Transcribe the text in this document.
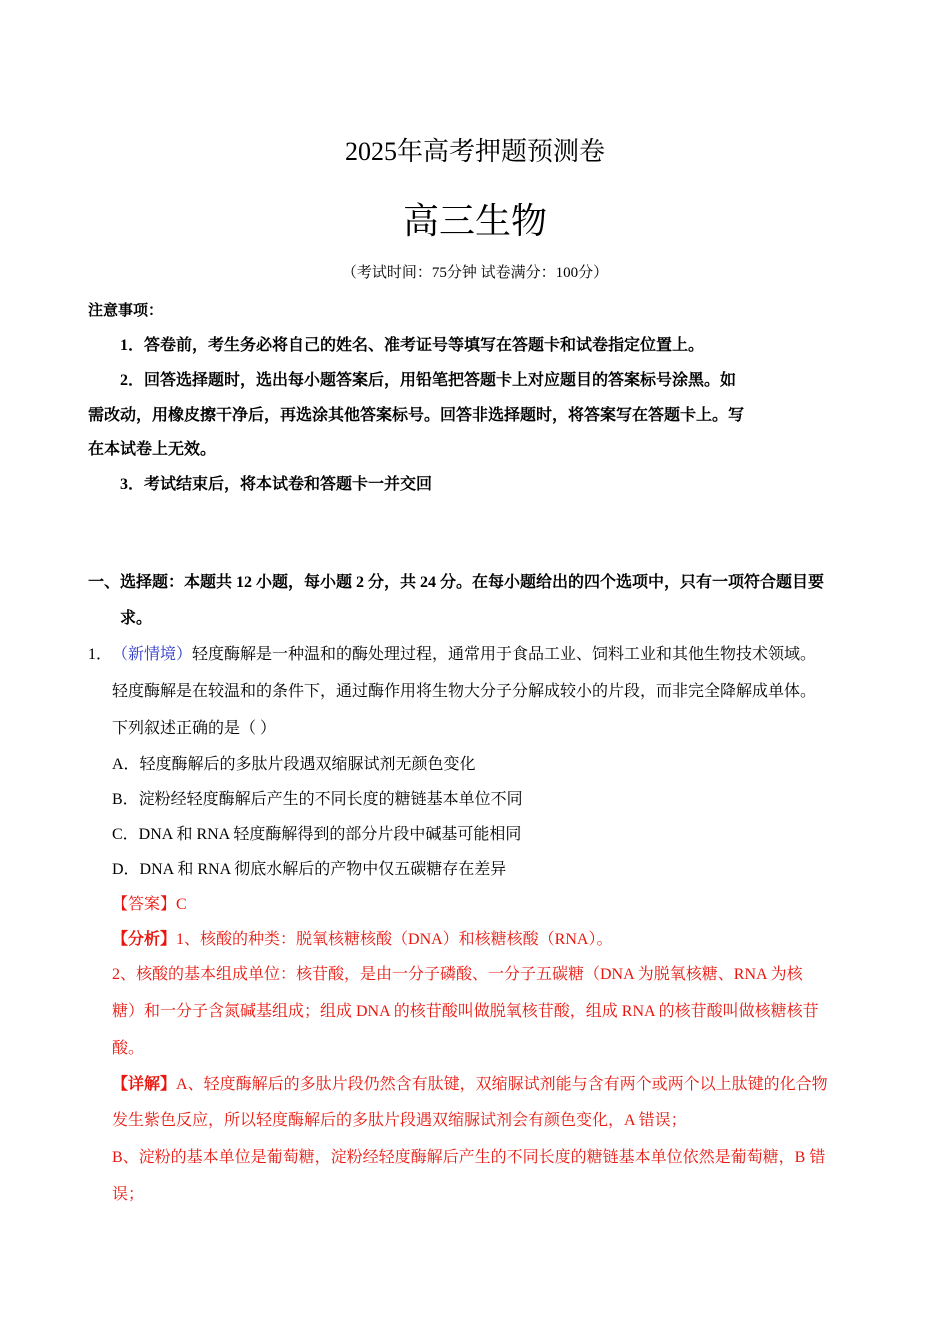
2025年高考押题预测卷
高三生物
（考试时间：75分钟 试卷满分：100分）
注意事项：
1．答卷前，考生务必将自己的姓名、准考证号等填写在答题卡和试卷指定位置上。
2．回答选择题时，选出每小题答案后，用铅笔把答题卡上对应题目的答案标号涂黑。如
需改动，用橡皮擦干净后，再选涂其他答案标号。回答非选择题时，将答案写在答题卡上。写
在本试卷上无效。
3．考试结束后，将本试卷和答题卡一并交回
一、选择题：本题共 12 小题，每小题 2 分，共 24 分。在每小题给出的四个选项中，只有一项符合题目要
求。
1． （新情境）轻度酶解是一种温和的酶处理过程，通常用于食品工业、饲料工业和其他生物技术领域。
轻度酶解是在较温和的条件下，通过酶作用将生物大分子分解成较小的片段，而非完全降解成单体。
下列叙述正确的是（ ）
A．轻度酶解后的多肽片段遇双缩脲试剂无颜色变化
B．淀粉经轻度酶解后产生的不同长度的糖链基本单位不同
C．DNA 和 RNA 轻度酶解得到的部分片段中碱基可能相同
D．DNA 和 RNA 彻底水解后的产物中仅五碳糖存在差异
【答案】C
【分析】1、核酸的种类：脱氧核糖核酸（DNA）和核糖核酸（RNA）。
2、核酸的基本组成单位：核苷酸，是由一分子磷酸、一分子五碳糖（DNA 为脱氧核糖、RNA 为核
糖）和一分子含氮碱基组成；组成 DNA 的核苷酸叫做脱氧核苷酸，组成 RNA 的核苷酸叫做核糖核苷
酸。
【详解】A、轻度酶解后的多肽片段仍然含有肽键，双缩脲试剂能与含有两个或两个以上肽键的化合物
发生紫色反应，所以轻度酶解后的多肽片段遇双缩脲试剂会有颜色变化，A 错误；
B、淀粉的基本单位是葡萄糖，淀粉经轻度酶解后产生的不同长度的糖链基本单位依然是葡萄糖，B 错
误；
